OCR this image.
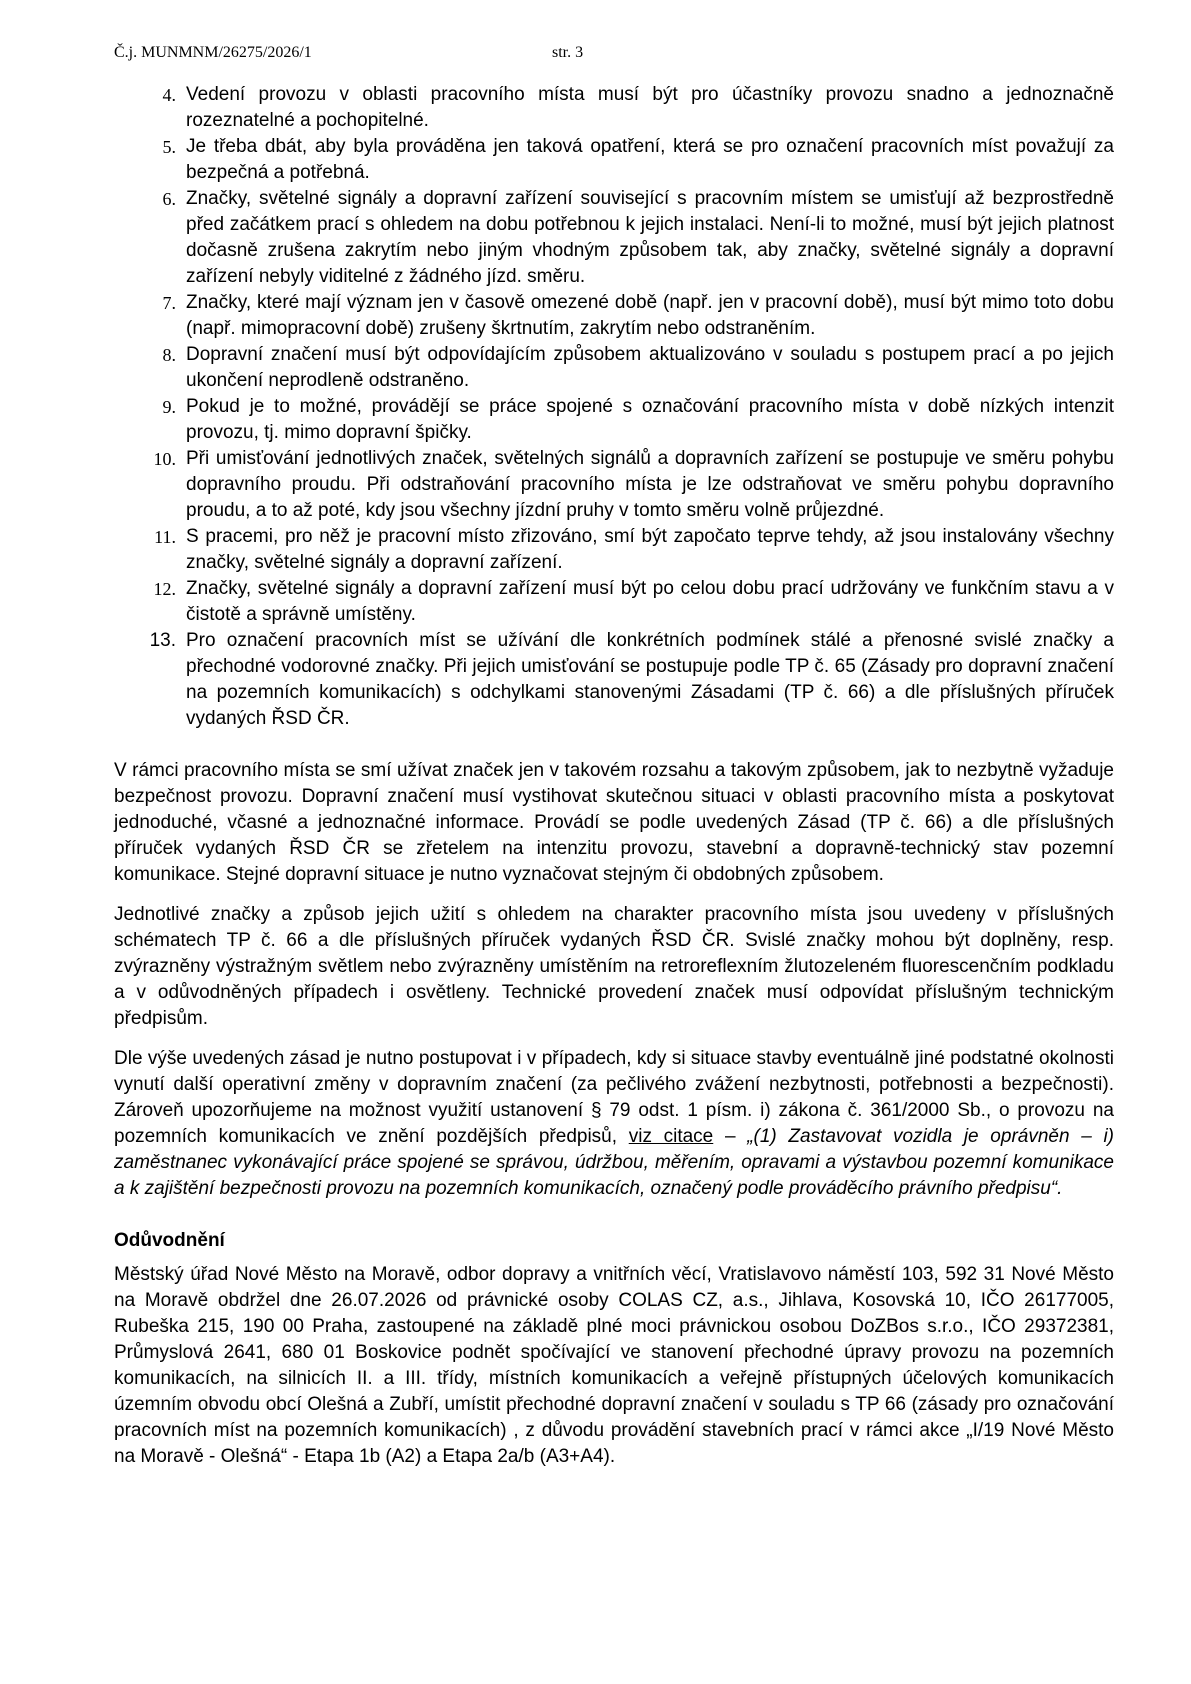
Č.j. MUNMNM/26275/2026/1	str. 3
4. Vedení provozu v oblasti pracovního místa musí být pro účastníky provozu snadno a jednoznačně rozeznatelné a pochopitelné.
5. Je třeba dbát, aby byla prováděna jen taková opatření, která se pro označení pracovních míst považují za bezpečná a potřebná.
6. Značky, světelné signály a dopravní zařízení související s pracovním místem se umisťují až bezprostředně před začátkem prací s ohledem na dobu potřebnou k jejich instalaci. Není-li to možné, musí být jejich platnost dočasně zrušena zakrytím nebo jiným vhodným způsobem tak, aby značky, světelné signály a dopravní zařízení nebyly viditelné z žádného jízd. směru.
7. Značky, které mají význam jen v časově omezené době (např. jen v pracovní době), musí být mimo toto dobu (např. mimopracovní době) zrušeny škrtnutím, zakrytím nebo odstraněním.
8. Dopravní značení musí být odpovídajícím způsobem aktualizováno v souladu s postupem prací a po jejich ukončení neprodleně odstraněno.
9. Pokud je to možné, provádějí se práce spojené s označování pracovního místa v době nízkých intenzit provozu, tj. mimo dopravní špičky.
10. Při umisťování jednotlivých značek, světelných signálů a dopravních zařízení se postupuje ve směru pohybu dopravního proudu. Při odstraňování pracovního místa je lze odstraňovat ve směru pohybu dopravního proudu, a to až poté, kdy jsou všechny jízdní pruhy v tomto směru volně průjezdné.
11. S pracemi, pro něž je pracovní místo zřizováno, smí být započato teprve tehdy, až jsou instalovány všechny značky, světelné signály a dopravní zařízení.
12. Značky, světelné signály a dopravní zařízení musí být po celou dobu prací udržovány ve funkčním stavu a v čistotě a správně umístěny.
13. Pro označení pracovních míst se užívání dle konkrétních podmínek stálé a přenosné svislé značky a přechodné vodorovné značky. Při jejich umisťování se postupuje podle TP č. 65 (Zásady pro dopravní značení na pozemních komunikacích) s odchylkami stanovenými Zásadami (TP č. 66) a dle příslušných příruček vydaných ŘSD ČR.

V rámci pracovního místa se smí užívat značek jen v takovém rozsahu a takovým způsobem, jak to nezbytně vyžaduje bezpečnost provozu. Dopravní značení musí vystihovat skutečnou situaci v oblasti pracovního místa a poskytovat jednoduché, včasné a jednoznačné informace. Provádí se podle uvedených Zásad (TP č. 66) a dle příslušných příruček vydaných ŘSD ČR se zřetelem na intenzitu provozu, stavební a dopravně-technický stav pozemní komunikace. Stejné dopravní situace je nutno vyznačovat stejným či obdobných způsobem.

Jednotlivé značky a způsob jejich užití s ohledem na charakter pracovního místa jsou uvedeny v příslušných schématech TP č. 66 a dle příslušných příruček vydaných ŘSD ČR. Svislé značky mohou být doplněny, resp. zvýrazněny výstražným světlem nebo zvýrazněny umístěním na retroreflexním žlutozeleném fluorescenčním podkladu a v odůvodněných případech i osvětleny. Technické provedení značek musí odpovídat příslušným technickým předpisům.

Dle výše uvedených zásad je nutno postupovat i v případech, kdy si situace stavby eventuálně jiné podstatné okolnosti vynutí další operativní změny v dopravním značení (za pečlivého zvážení nezbytnosti, potřebnosti a bezpečnosti). Zároveň upozorňujeme na možnost využití ustanovení § 79 odst. 1 písm. i) zákona č. 361/2000 Sb., o provozu na pozemních komunikacích ve znění pozdějších předpisů, viz citace – „(1) Zastavovat vozidla je oprávněn – i) zaměstnanec vykonávající práce spojené se správou, údržbou, měřením, opravami a výstavbou pozemní komunikace a k zajištění bezpečnosti provozu na pozemních komunikacích, označený podle prováděcího právního předpisu“.

Odůvodnění

Městský úřad Nové Město na Moravě, odbor dopravy a vnitřních věcí, Vratislavovo náměstí 103, 592 31 Nové Město na Moravě obdržel dne 26.07.2026 od právnické osoby COLAS CZ, a.s., Jihlava, Kosovská 10, IČO 26177005, Rubeška 215, 190 00 Praha, zastoupené na základě plné moci právnickou osobou DoZBos s.r.o., IČO 29372381, Průmyslová 2641, 680 01 Boskovice podnět spočívající ve stanovení přechodné úpravy provozu na pozemních komunikacích, na silnicích II. a III. třídy, místních komunikacích a veřejně přístupných účelových komunikacích územním obvodu obcí Olešná a Zubří, umístit přechodné dopravní značení v souladu s TP 66 (zásady pro označování pracovních míst na pozemních komunikacích) , z důvodu provádění stavebních prací v rámci akce „I/19 Nové Město na Moravě - Olešná“ - Etapa 1b (A2) a Etapa 2a/b (A3+A4).
